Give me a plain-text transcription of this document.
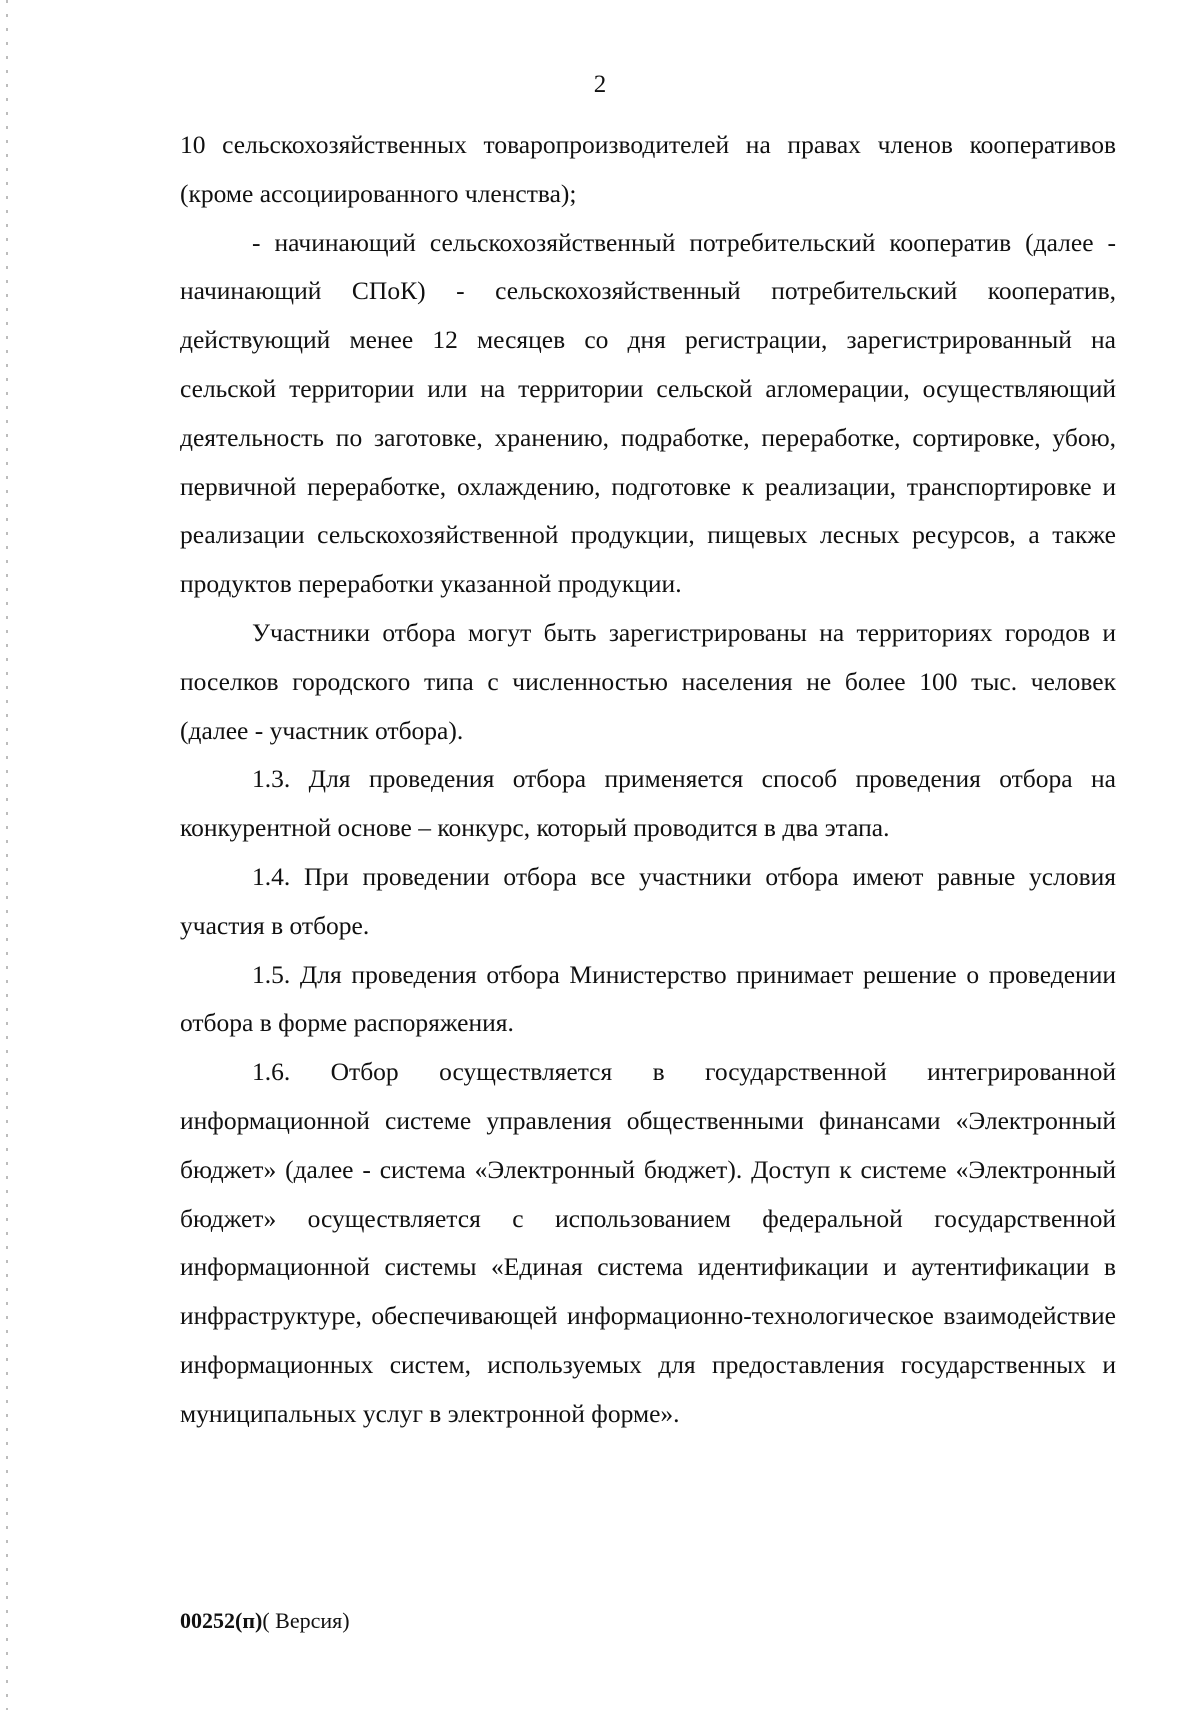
2

10 сельскохозяйственных товаропроизводителей на правах членов кооперативов (кроме ассоциированного членства);

- начинающий сельскохозяйственный потребительский кооператив (далее - начинающий СПоК) - сельскохозяйственный потребительский кооператив, действующий менее 12 месяцев со дня регистрации, зарегистрированный на сельской территории или на территории сельской агломерации, осуществляющий деятельность по заготовке, хранению, подработке, переработке, сортировке, убою, первичной переработке, охлаждению, подготовке к реализации, транспортировке и реализации сельскохозяйственной продукции, пищевых лесных ресурсов, а также продуктов переработки указанной продукции.

Участники отбора могут быть зарегистрированы на территориях городов и поселков городского типа с численностью населения не более 100 тыс. человек (далее - участник отбора).

1.3. Для проведения отбора применяется способ проведения отбора на конкурентной основе – конкурс, который проводится в два этапа.

1.4. При проведении отбора все участники отбора имеют равные условия участия в отборе.

1.5. Для проведения отбора Министерство принимает решение о проведении отбора в форме распоряжения.

1.6. Отбор осуществляется в государственной интегрированной информационной системе управления общественными финансами «Электронный бюджет» (далее - система «Электронный бюджет). Доступ к системе «Электронный бюджет» осуществляется с использованием федеральной государственной информационной системы «Единая система идентификации и аутентификации в инфраструктуре, обеспечивающей информационно-технологическое взаимодействие информационных систем, используемых для предоставления государственных и муниципальных услуг в электронной форме».

00252(п)( Версия)
